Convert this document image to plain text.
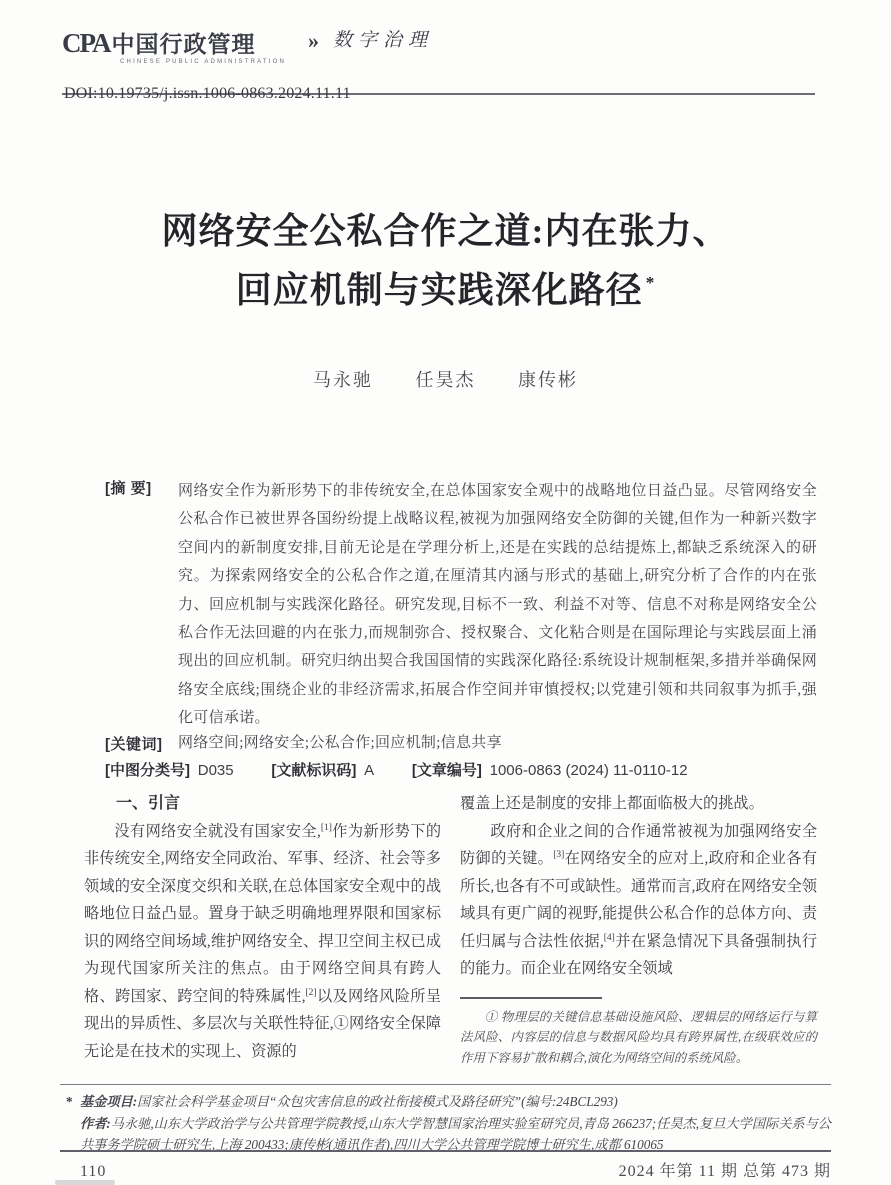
CPA 中国行政管理
CHINESE PUBLIC ADMINISTRATION
» 数字治理
DOI:10.19735/j.issn.1006-0863.2024.11.11
网络安全公私合作之道:内在张力、
回应机制与实践深化路径 *
马永驰 任昊杰 康传彬
[摘 要]	网络安全作为新形势下的非传统安全,在总体国家安全观中的战略地位日益凸显。尽管网络安全公私合作已被世界各国纷纷提上战略议程,被视为加强网络安全防御的关键,但作为一种新兴数字空间内的新制度安排,目前无论是在学理分析上,还是在实践的总结提炼上,都缺乏系统深入的研究。为探索网络安全的公私合作之道,在厘清其内涵与形式的基础上,研究分析了合作的内在张力、回应机制与实践深化路径。研究发现,目标不一致、利益不对等、信息不对称是网络安全公私合作无法回避的内在张力,而规制弥合、授权聚合、文化粘合则是在国际理论与实践层面上涌现出的回应机制。研究归纳出契合我国国情的实践深化路径:系统设计规制框架,多措并举确保网络安全底线;围绕企业的非经济需求,拓展合作空间并审慎授权;以党建引领和共同叙事为抓手,强化可信承诺。
[关键词]	网络空间;网络安全;公私合作;回应机制;信息共享
[中图分类号] D035	[文献标识码] A	[文章编号] 1006-0863 (2024) 11-0110-12
一、引言

没有网络安全就没有国家安全,[1]作为新形势下的非传统安全,网络安全同政治、军事、经济、社会等多领域的安全深度交织和关联,在总体国家安全观中的战略地位日益凸显。置身于缺乏明确地理界限和国家标识的网络空间场域,维护网络安全、捍卫空间主权已成为现代国家所关注的焦点。由于网络空间具有跨人格、跨国家、跨空间的特殊属性,[2]以及网络风险所呈现出的异质性、多层次与关联性特征,①网络安全保障无论是在技术的实现上、资源的

覆盖上还是制度的安排上都面临极大的挑战。

政府和企业之间的合作通常被视为加强网络安全防御的关键。[3]在网络安全的应对上,政府和企业各有所长,也各有不可或缺性。通常而言,政府在网络安全领域具有更广阔的视野,能提供公私合作的总体方向、责任归属与合法性依据,[4]并在紧急情况下具备强制执行的能力。而企业在网络安全领域

① 物理层的关键信息基础设施风险、逻辑层的网络运行与算法风险、内容层的信息与数据风险均具有跨界属性,在级联效应的作用下容易扩散和耦合,演化为网络空间的系统风险。
* 基金项目:国家社会科学基金项目“众包灾害信息的政社衔接模式及路径研究”(编号:24BCL293)
作者:马永驰,山东大学政治学与公共管理学院教授,山东大学智慧国家治理实验室研究员,青岛 266237;任昊杰,复旦大学国际关系与公共事务学院硕士研究生,上海 200433;康传彬(通讯作者),四川大学公共管理学院博士研究生,成都 610065
110	2024 年第 11 期 总第 473 期
